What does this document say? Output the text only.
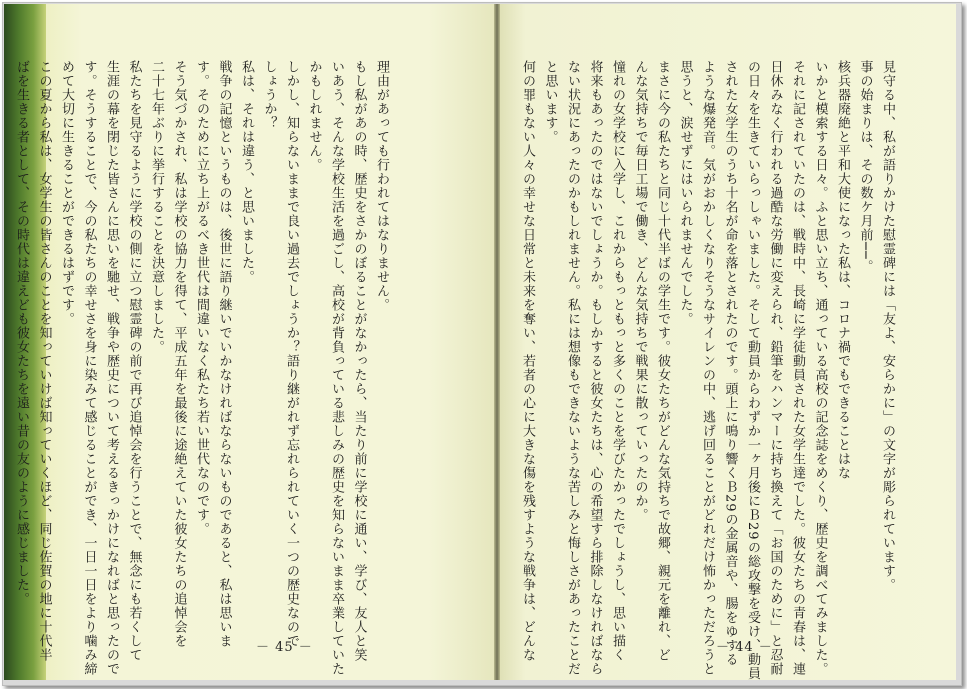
理由があっても行われてはなりません。
もし私があの時、歴史をさかのぼることがなかったら、当たり前に学校に通い、学び、友人と笑
いあう、そんな学校生活を過ごし、高校が背負っている悲しみの歴史を知らないまま卒業していた
かもしれません。
しかし、知らないままで良い過去でしょうか？語り継がれず忘れられていく一つの歴史なので
しょうか？
私は、それは違う、と思いました。
戦争の記憶というものは、後世に語り継いでいかなければならないものであると、私は思いま
す。そのために立ち上がるべき世代は間違いなく私たち若い世代なのです。
そう気づかされ、私は学校の協力を得て、平成五年を最後に途絶えていた彼女たちの追悼会を
二十七年ぶりに挙行することを決意しました。
私たちを見守るように学校の側に立つ慰霊碑の前で再び追悼会を行うことで、無念にも若くして
生涯の幕を閉じた皆さんに思いを馳せ、戦争や歴史について考えるきっかけになればと思ったので
す。そうすることで、今の私たちの幸せさを身に染みて感じることができ、一日一日をより噛み締
めて大切に生きることができるはずです。
この夏から私は、女学生の皆さんのことを知っていけば知っていくほど、同じ佐賀の地に十代半
ばを生きる者として、その時代は違えども彼女たちを遠い昔の友のように感じました。	見守る中、私が語りかけた慰霊碑には「友よ、安らかに」の文字が彫られています。
事の始まりは、その数ケ月前──。
核兵器廃絶と平和大使になった私は、コロナ禍でもできることはな
いかと模索する日々。ふと思い立ち、通っている高校の記念誌をめくり、歴史を調べてみました。
それに記されていたのは、戦時中、長崎に学徒動員された女学生達でした。彼女たちの青春は、連
日休みなく行われる過酷な労働に変えられ、鉛筆をハンマーに持ち換えて「お国のために」と忍耐
の日々を生きていらっしゃいました。そして動員からわずか一ヶ月後にＢ29の総攻撃を受け、動員
された女学生のうち十名が命を落とされたのです。頭上に鳴り響くＢ29の金属音や、腸をゆする
ような爆発音。気がおかしくなりそうなサイレンの中、逃げ回ることがどれだけ怖かっただろうと
思うと、涙せずにはいられませんでした。
まさに今の私たちと同じ十代半ばの学生です。彼女たちがどんな気持ちで故郷、親元を離れ、ど
んな気持ちで毎日工場で働き、どんな気持ちで戦果に散っていったのか。
憧れの女学校に入学し、これからもっともっと多くのことを学びたかったでしょうし、思い描く
将来もあったのではないでしょうか。もしかすると彼女たちは、心の希望すら排除しなければなら
ない状況にあったのかもしれません。私には想像もできないような苦しみと悔しさがあったことだ
と思います。
何の罪もない人々の幸せな日常と未来を奪い、若者の心に大きな傷を残すような戦争は、どんな
－ 45 －	－ 44 －
